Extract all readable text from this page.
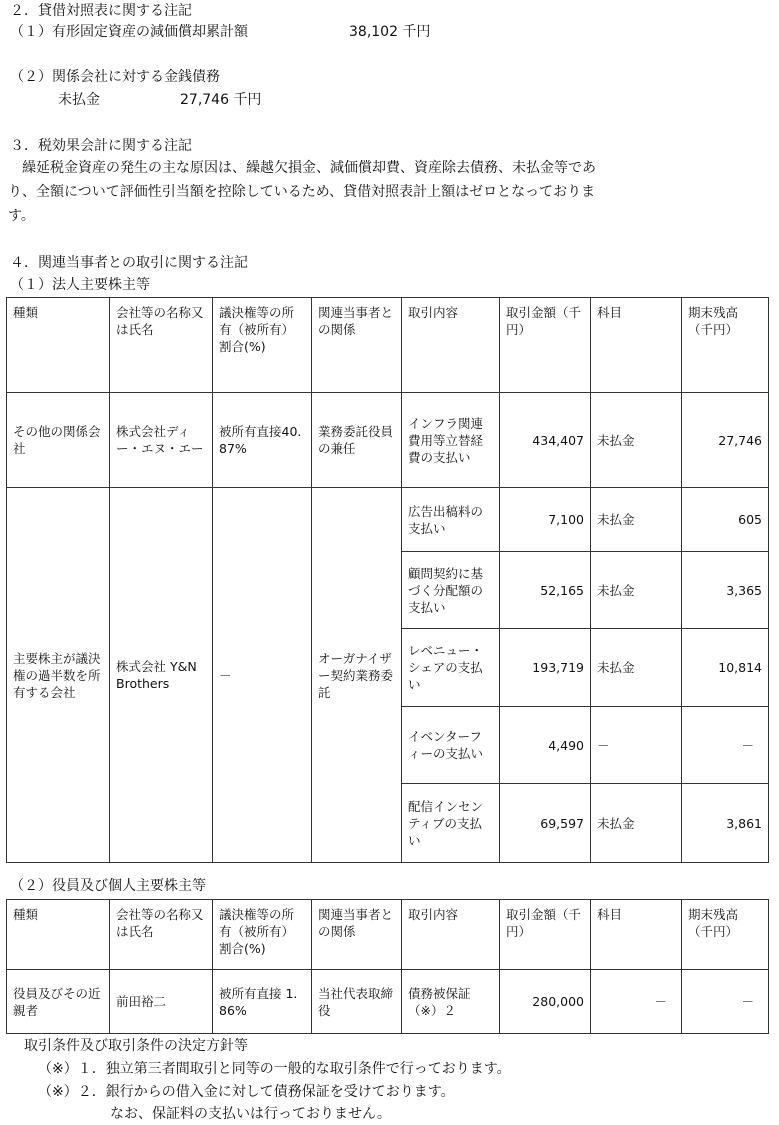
２．貸借対照表に関する注記
（１）有形固定資産の減価償却累計額	38,102 千円
（２）関係会社に対する金銭債務
未払金	27,746 千円
３．税効果会計に関する注記
繰延税金資産の発生の主な原因は、繰越欠損金、減価償却費、資産除去債務、未払金等であ
り、全額について評価性引当額を控除しているため、貸借対照表計上額はゼロとなっておりま
す。
４．関連当事者との取引に関する注記
（１）法人主要株主等
種類	会社等の名称又は氏名	議決権等の所有（被所有）割合(%)	関連当事者との関係	取引内容	取引金額（千円）	科目	期末残高（千円）
その他の関係会社	株式会社ディー・エヌ・エー	被所有直接40.87%	業務委託役員の兼任	インフラ関連費用等立替経費の支払い	434,407	未払金	27,746
主要株主が議決権の過半数を所有する会社	株式会社 Y&N Brothers	－	オーガナイザー契約業務委託	広告出稿料の支払い	7,100	未払金	605
				顧問契約に基づく分配額の支払い	52,165	未払金	3,365
				レベニュー・シェアの支払い	193,719	未払金	10,814
				イベンターフィーの支払い	4,490	－	－
				配信インセンティブの支払い	69,597	未払金	3,861
（２）役員及び個人主要株主等
種類	会社等の名称又は氏名	議決権等の所有（被所有）割合(%)	関連当事者との関係	取引内容	取引金額（千円）	科目	期末残高（千円）
役員及びその近親者	前田裕二	被所有直接 1.86%	当社代表取締役	債務被保証（※）２	280,000	－	－
取引条件及び取引条件の決定方針等
（※）１．独立第三者間取引と同等の一般的な取引条件で行っております。
（※）２．銀行からの借入金に対して債務保証を受けております。
なお、保証料の支払いは行っておりません。
